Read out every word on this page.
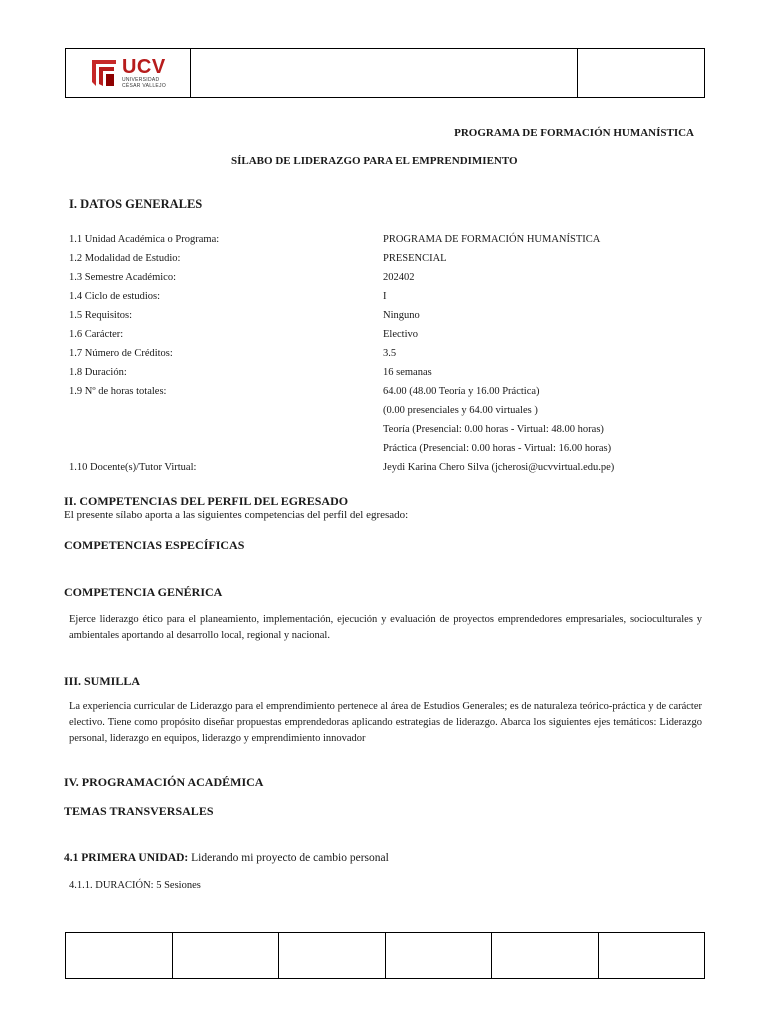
UCV
UNIVERSIDAD
CÉSAR VALLEJO
PROGRAMA DE FORMACIÓN HUMANÍSTICA
SÍLABO DE LIDERAZGO PARA EL EMPRENDIMIENTO
I. DATOS GENERALES
1.1 Unidad Académica o Programa:	PROGRAMA DE FORMACIÓN HUMANÍSTICA
1.2 Modalidad de Estudio:	PRESENCIAL
1.3 Semestre Académico:	202402
1.4 Ciclo de estudios:	I
1.5 Requisitos:	Ninguno
1.6 Carácter:	Electivo
1.7 Número de Créditos:	3.5
1.8 Duración:	16 semanas
1.9 Nº de horas totales:	64.00 (48.00 Teoría y 16.00 Práctica)
(0.00 presenciales y 64.00 virtuales )
Teoría (Presencial: 0.00 horas - Virtual: 48.00 horas)
Práctica (Presencial: 0.00 horas - Virtual: 16.00 horas)
1.10 Docente(s)/Tutor Virtual:	Jeydi Karina Chero Silva (jcherosi@ucvvirtual.edu.pe)
II. COMPETENCIAS DEL PERFIL DEL EGRESADO
El presente sílabo aporta a las siguientes competencias del perfil del egresado:
COMPETENCIAS ESPECÍFICAS
COMPETENCIA GENÉRICA
Ejerce liderazgo ético para el planeamiento, implementación, ejecución y evaluación de proyectos emprendedores empresariales, socioculturales y ambientales aportando al desarrollo local, regional y nacional.
III. SUMILLA
La experiencia curricular de Liderazgo para el emprendimiento pertenece al área de Estudios Generales; es de naturaleza teórico-práctica y de carácter electivo. Tiene como propósito diseñar propuestas emprendedoras aplicando estrategias de liderazgo. Abarca los siguientes ejes temáticos: Liderazgo personal, liderazgo en equipos, liderazgo y emprendimiento innovador
IV. PROGRAMACIÓN ACADÉMICA
TEMAS TRANSVERSALES
4.1 PRIMERA UNIDAD: Liderando mi proyecto de cambio personal
4.1.1. DURACIÓN: 5 Sesiones
